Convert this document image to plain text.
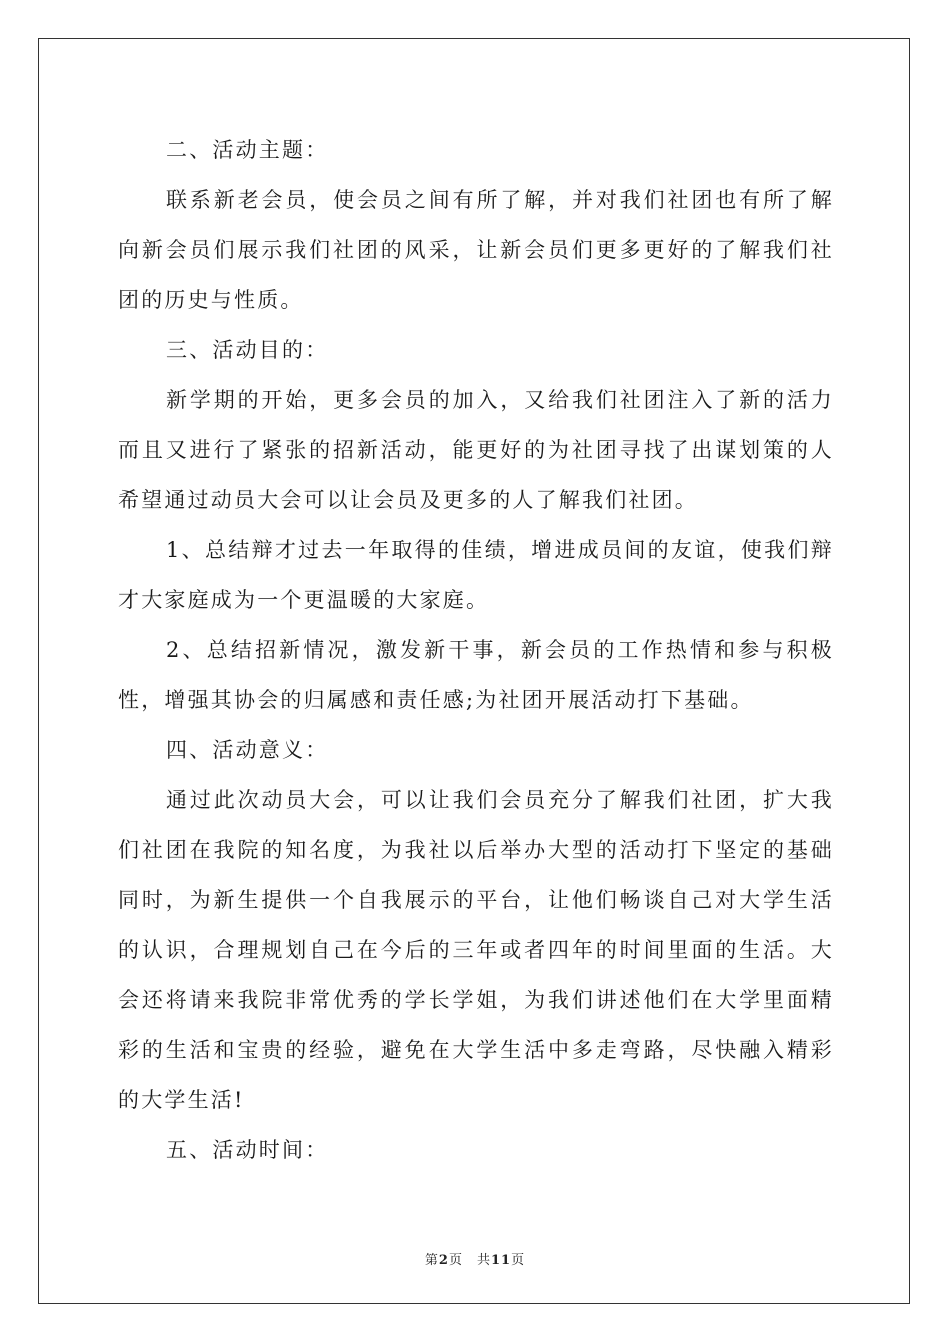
二、活动主题：

联系新老会员，使会员之间有所了解，并对我们社团也有所了解向新会员们展示我们社团的风采，让新会员们更多更好的了解我们社团的历史与性质。

三、活动目的：

新学期的开始，更多会员的加入，又给我们社团注入了新的活力而且又进行了紧张的招新活动，能更好的为社团寻找了出谋划策的人希望通过动员大会可以让会员及更多的人了解我们社团。

1、总结辩才过去一年取得的佳绩，增进成员间的友谊，使我们辩才大家庭成为一个更温暖的大家庭。

2、总结招新情况，激发新干事，新会员的工作热情和参与积极性，增强其协会的归属感和责任感;为社团开展活动打下基础。

四、活动意义：

通过此次动员大会，可以让我们会员充分了解我们社团，扩大我们社团在我院的知名度，为我社以后举办大型的活动打下坚定的基础同时，为新生提供一个自我展示的平台，让他们畅谈自己对大学生活的认识，合理规划自己在今后的三年或者四年的时间里面的生活。大会还将请来我院非常优秀的学长学姐，为我们讲述他们在大学里面精彩的生活和宝贵的经验，避免在大学生活中多走弯路，尽快融入精彩的大学生活!

五、活动时间：

第2页　共11页
